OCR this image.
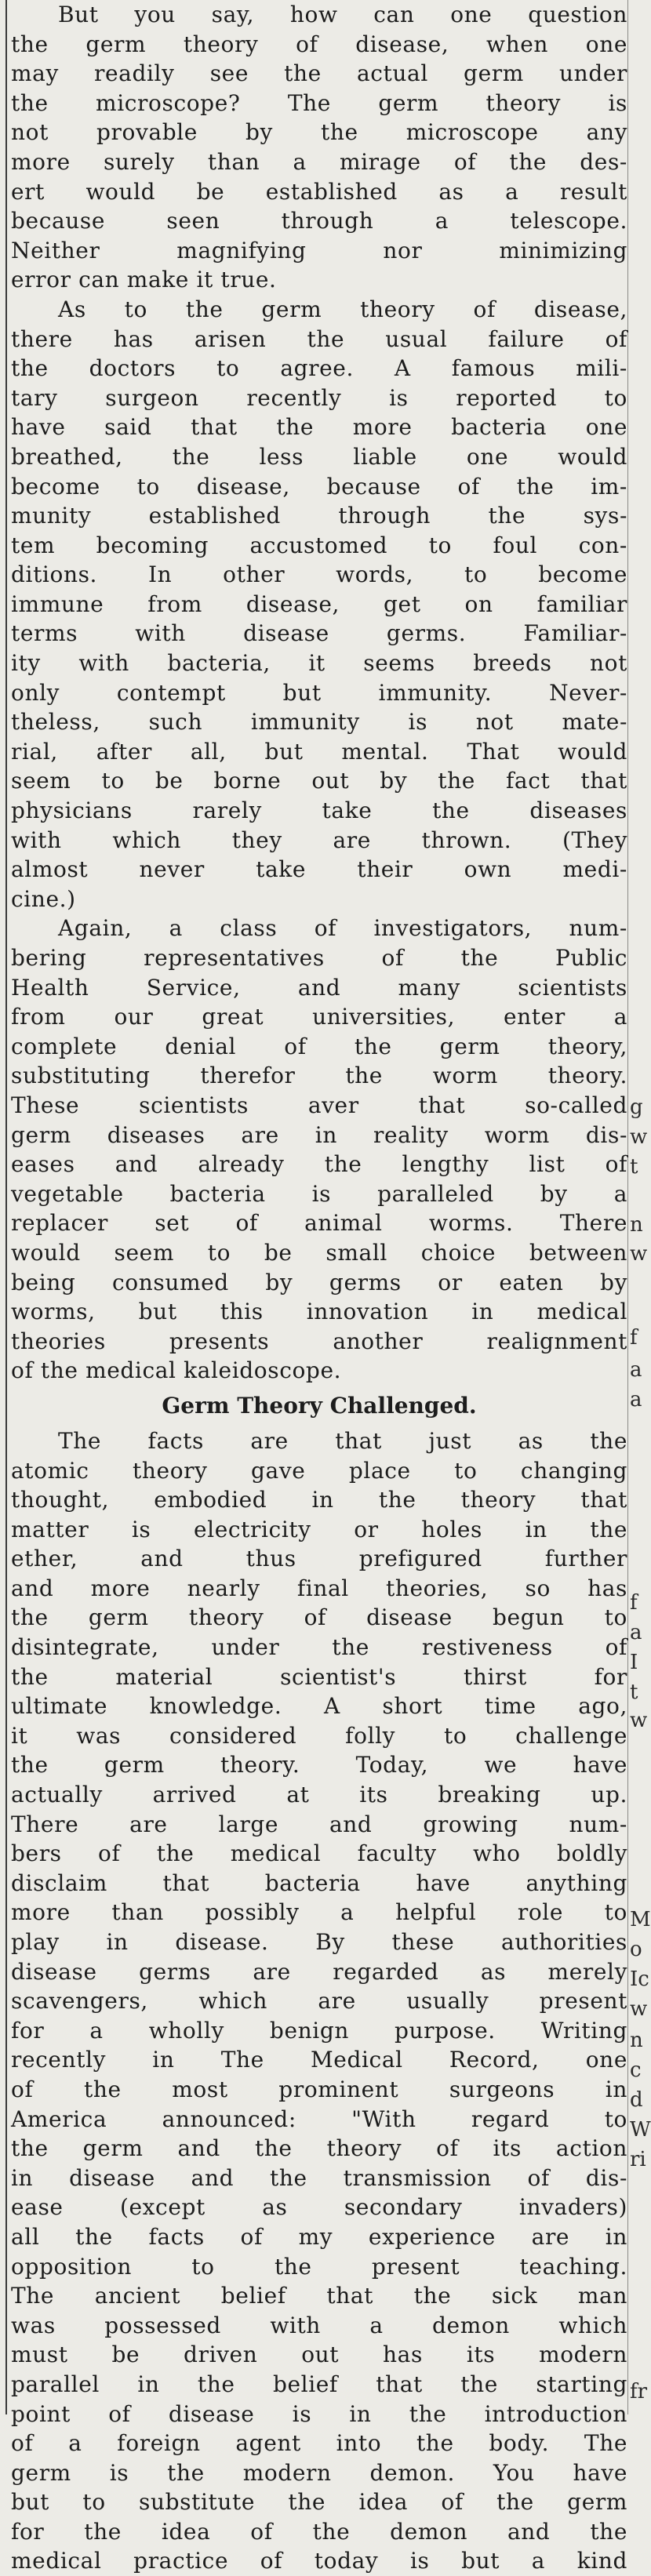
But you say, how can one question
the germ theory of disease, when one
may readily see the actual germ under
the microscope? The germ theory is
not provable by the microscope any
more surely than a mirage of the des-
ert would be established as a result
because seen through a telescope.
Neither magnifying nor minimizing
error can make it true.
As to the germ theory of disease,
there has arisen the usual failure of
the doctors to agree. A famous mili-
tary surgeon recently is reported to
have said that the more bacteria one
breathed, the less liable one would
become to disease, because of the im-
munity established through the sys-
tem becoming accustomed to foul con-
ditions. In other words, to become
immune from disease, get on familiar
terms with disease germs. Familiar-
ity with bacteria, it seems breeds not
only contempt but immunity. Never-
theless, such immunity is not mate-
rial, after all, but mental. That would
seem to be borne out by the fact that
physicians rarely take the diseases
with which they are thrown. (They
almost never take their own medi-
cine.)
Again, a class of investigators, num-
bering representatives of the Public
Health Service, and many scientists
from our great universities, enter a
complete denial of the germ theory,
substituting therefor the worm theory.
These scientists aver that so-called
germ diseases are in reality worm dis-
eases and already the lengthy list of
vegetable bacteria is paralleled by a
replacer set of animal worms. There
would seem to be small choice between
being consumed by germs or eaten by
worms, but this innovation in medical
theories presents another realignment
of the medical kaleidoscope.
Germ Theory Challenged.
The facts are that just as the
atomic theory gave place to changing
thought, embodied in the theory that
matter is electricity or holes in the
ether, and thus prefigured further
and more nearly final theories, so has
the germ theory of disease begun to
disintegrate, under the restiveness of
the material scientist's thirst for
ultimate knowledge. A short time ago,
it was considered folly to challenge
the germ theory. Today, we have
actually arrived at its breaking up.
There are large and growing num-
bers of the medical faculty who boldly
disclaim that bacteria have anything
more than possibly a helpful role to
play in disease. By these authorities
disease germs are regarded as merely
scavengers, which are usually present
for a wholly benign purpose. Writing
recently in The Medical Record, one
of the most prominent surgeons in
America announced: "With regard to
the germ and the theory of its action
in disease and the transmission of dis-
ease (except as secondary invaders)
all the facts of my experience are in
opposition to the present teaching.
The ancient belief that the sick man
was possessed with a demon which
must be driven out has its modern
parallel in the belief that the starting
point of disease is in the introduction
of a foreign agent into the body. The
germ is the modern demon. You have
but to substitute the idea of the germ
for the idea of the demon and the
medical practice of today is but a kind
g
w
t
n
w
f
a
a
f
a
I
t
w
M
o
Ic
w
n
c
d
W
ri
fr
